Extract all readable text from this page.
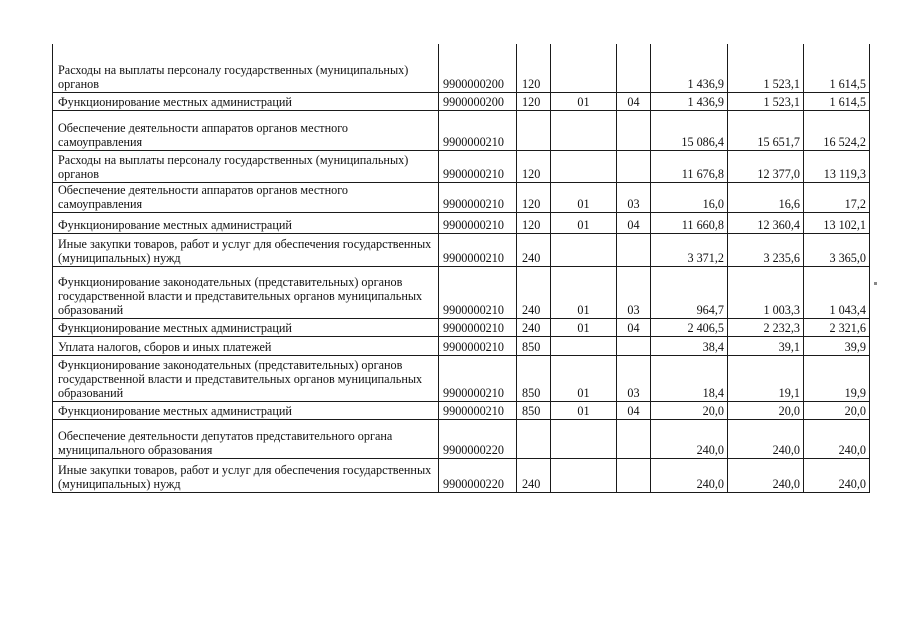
Расходы на выплаты персоналу государственных (муниципальных) органов	9900000200	120			1 436,9	1 523,1	1 614,5
Функционирование местных администраций	9900000200	120	01	04	1 436,9	1 523,1	1 614,5
Обеспечение деятельности аппаратов органов местного самоуправления	9900000210				15 086,4	15 651,7	16 524,2
Расходы на выплаты персоналу государственных (муниципальных) органов	9900000210	120			11 676,8	12 377,0	13 119,3
Обеспечение деятельности аппаратов органов местного самоуправления	9900000210	120	01	03	16,0	16,6	17,2
Функционирование местных администраций	9900000210	120	01	04	11 660,8	12 360,4	13 102,1
Иные закупки товаров, работ и услуг для обеспечения государственных (муниципальных) нужд	9900000210	240			3 371,2	3 235,6	3 365,0
Функционирование законодательных (представительных) органов государственной власти и представительных органов муниципальных образований	9900000210	240	01	03	964,7	1 003,3	1 043,4
Функционирование местных администраций	9900000210	240	01	04	2 406,5	2 232,3	2 321,6
Уплата налогов, сборов и иных платежей	9900000210	850			38,4	39,1	39,9
Функционирование законодательных (представительных) органов государственной власти и представительных органов муниципальных образований	9900000210	850	01	03	18,4	19,1	19,9
Функционирование местных администраций	9900000210	850	01	04	20,0	20,0	20,0
Обеспечение деятельности депутатов представительного органа муниципального образования	9900000220				240,0	240,0	240,0
Иные закупки товаров, работ и услуг для обеспечения государственных (муниципальных) нужд	9900000220	240			240,0	240,0	240,0
